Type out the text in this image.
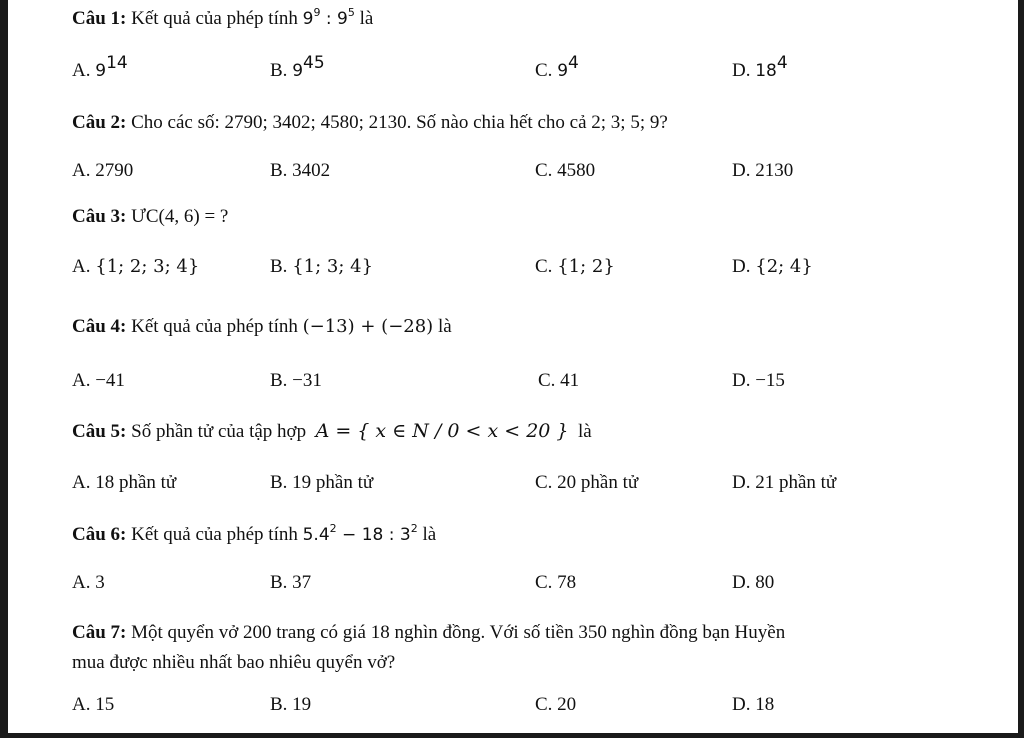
Câu 1: Kết quả của phép tính $9^9$ : $9^5$ là
A. $9^{14}$	B. $9^{45}$	C. $9^4$	D. $18^4$
Câu 2: Cho các số: 2790; 3402; 4580; 2130. Số nào chia hết cho cả 2; 3; 5; 9?
A. 2790	B. 3402	C. 4580	D. 2130
Câu 3: ƯC(4, 6) = ?
A. {1; 2; 3; 4}	B. {1; 3; 4}	C. {1; 2}	D. {2; 4}
Câu 4: Kết quả của phép tính (−13) + (−28) là
A. −41	B. −31	C. 41	D. −15
Câu 5: Số phần tử của tập hợp A = { x ∈ N / 0 < x < 20 } là
A. 18 phần tử	B. 19 phần tử	C. 20 phần tử	D. 21 phần tử
Câu 6: Kết quả của phép tính $5.4^2 - 18$ : $3^2$ là
A. 3	B. 37	C. 78	D. 80
Câu 7: Một quyển vở 200 trang có giá 18 nghìn đồng. Với số tiền 350 nghìn đồng bạn Huyền
mua được nhiều nhất bao nhiêu quyển vở?
A. 15	B. 19	C. 20	D. 18
